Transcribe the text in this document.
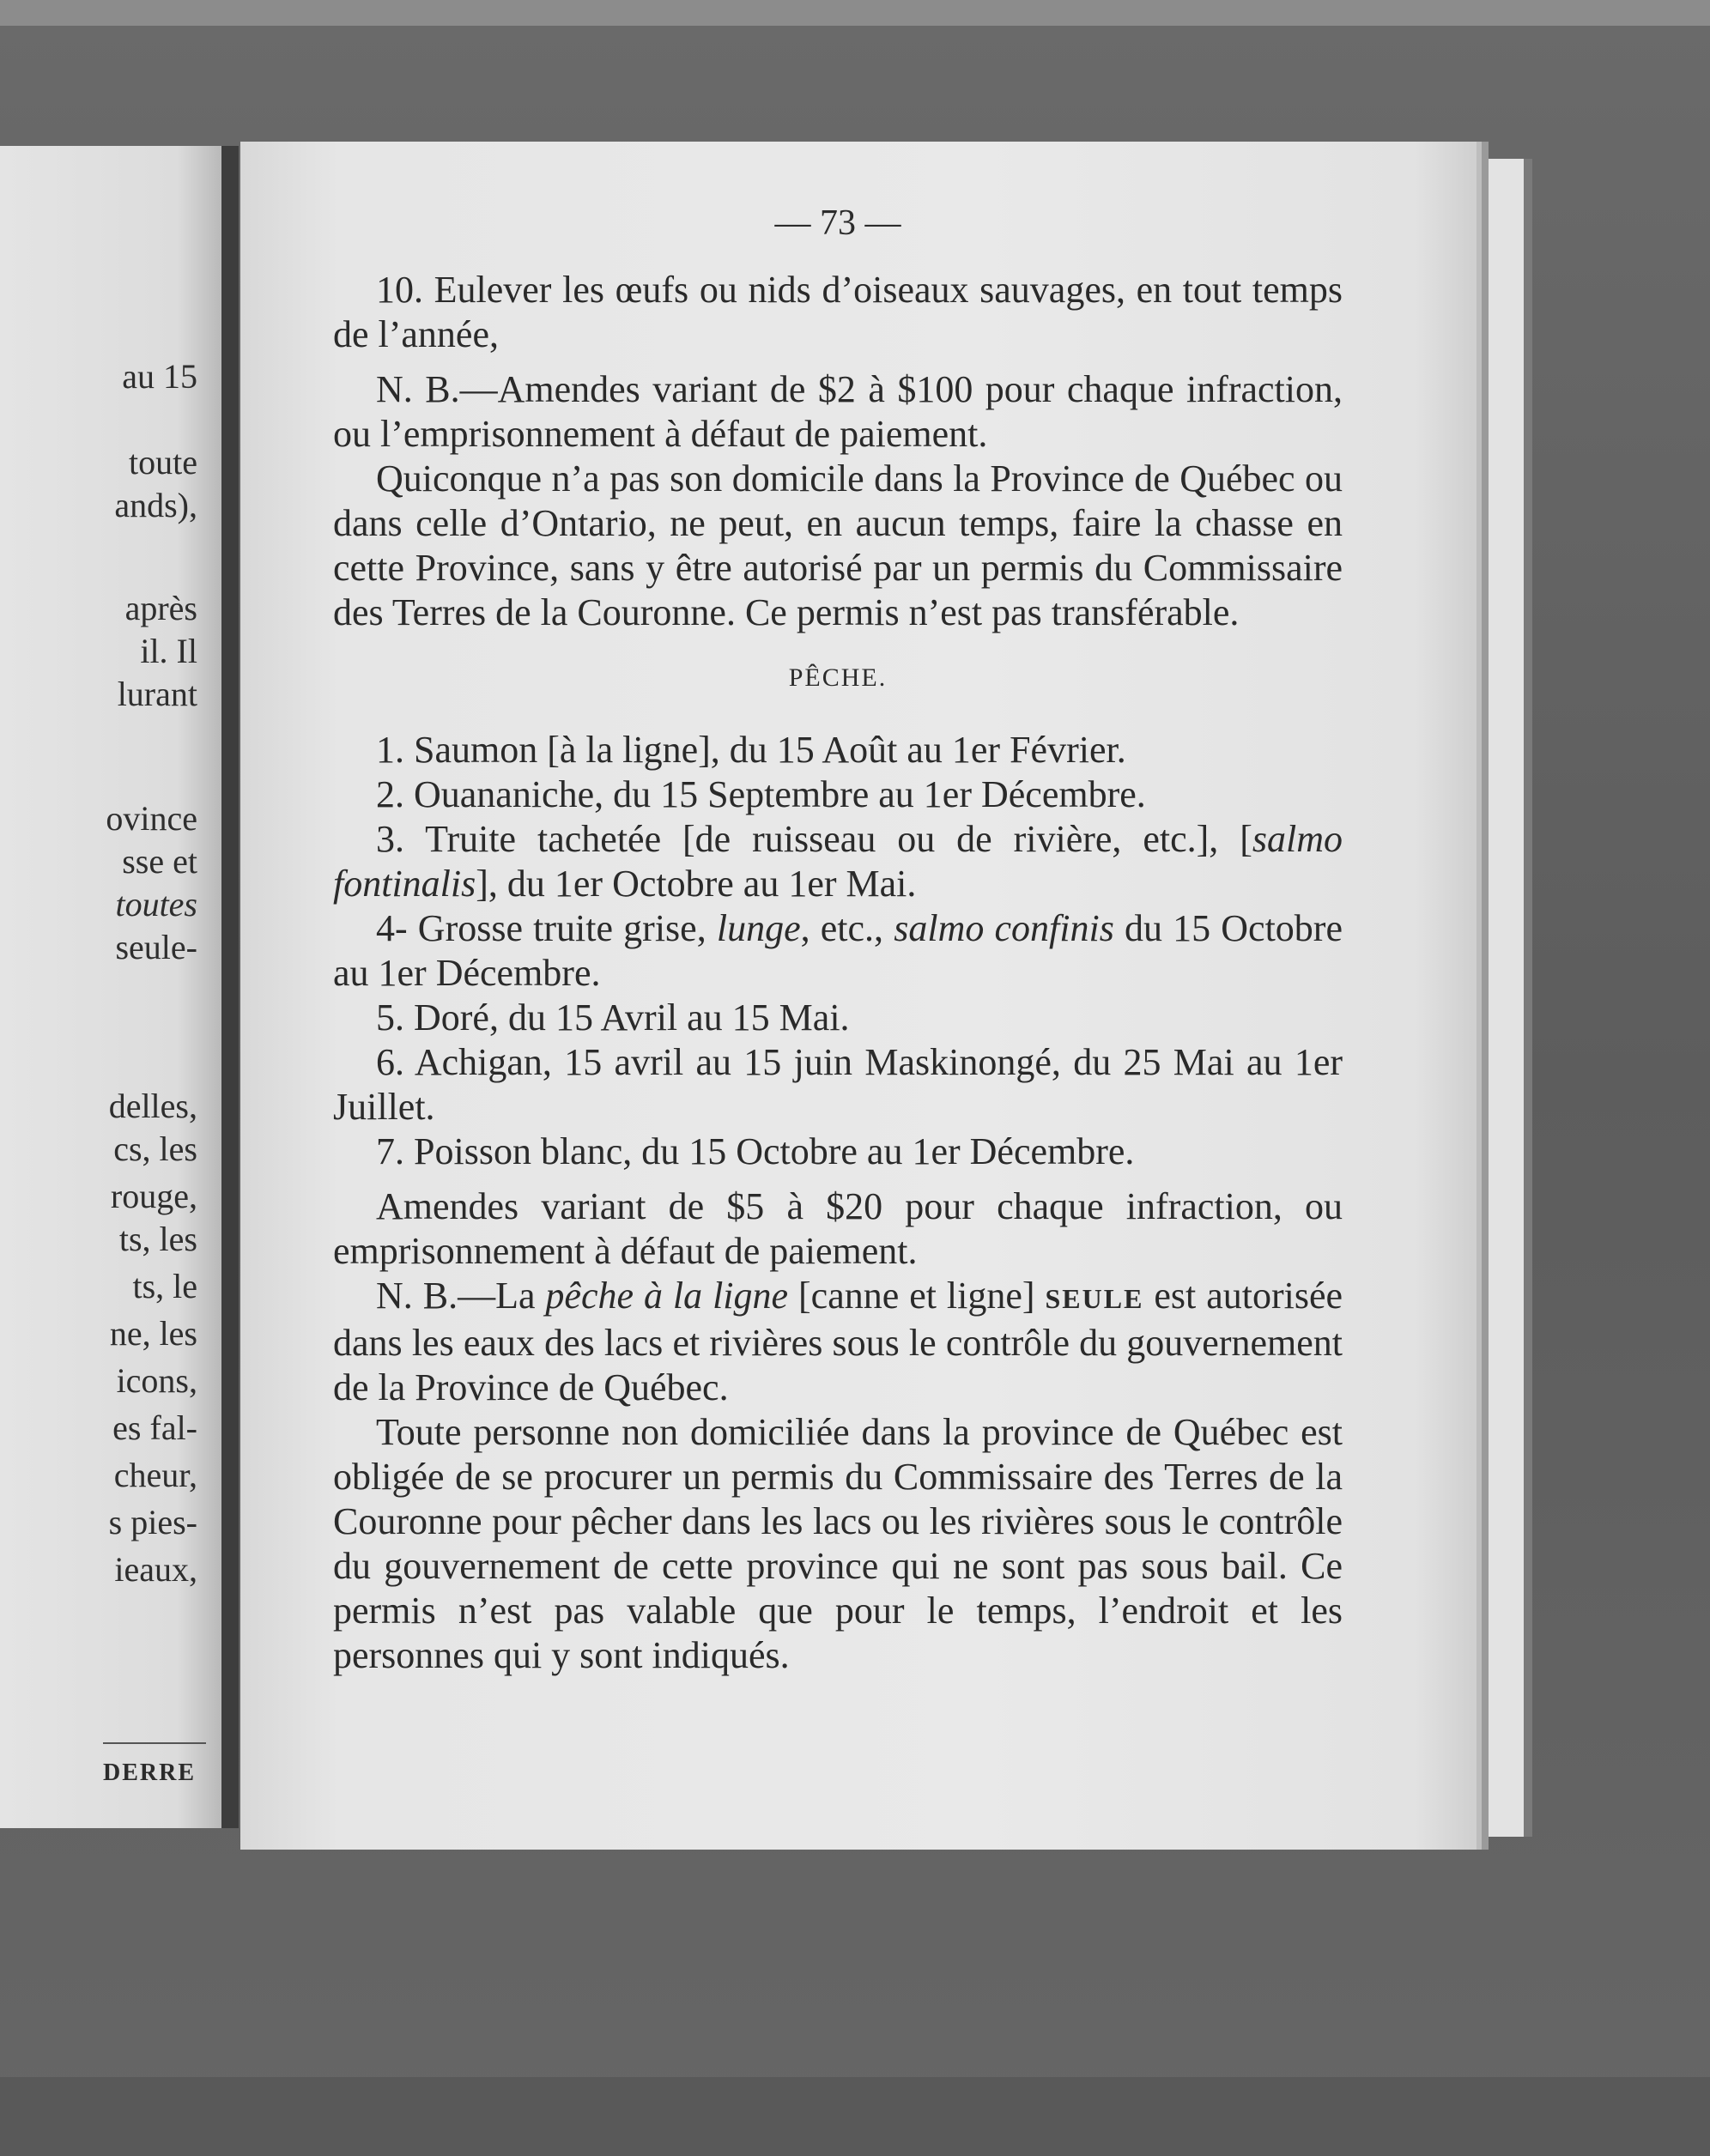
au 15
toute
ands),
après
il. Il
lurant
ovince
sse et
toutes
seule-
delles,
cs, les
rouge,
ts, les
ts, le
ne, les
icons,
es fal-
cheur,
s pies-
ieaux,
DERRE
— 73 —

10. Eulever les œufs ou nids d’oiseaux sauvages, en tout temps de l’année,

N. B.—Amendes variant de $2 à $100 pour chaque infraction, ou l’emprisonnement à défaut de paiement.

Quiconque n’a pas son domicile dans la Province de Québec ou dans celle d’Ontario, ne peut, en aucun temps, faire la chasse en cette Province, sans y être autorisé par un permis du Commissaire des Terres de la Couronne. Ce permis n’est pas transférable.

PÊCHE.

1. Saumon [à la ligne], du 15 Août au 1er Février.

2. Ouananiche, du 15 Septembre au 1er Décembre.

3. Truite tachetée [de ruisseau ou de rivière, etc.], [salmo fontinalis], du 1er Octobre au 1er Mai.

4- Grosse truite grise, lunge, etc., salmo confinis du 15 Octobre au 1er Décembre.

5. Doré, du 15 Avril au 15 Mai.

6. Achigan, 15 avril au 15 juin Maskinongé, du 25 Mai au 1er Juillet.

7. Poisson blanc, du 15 Octobre au 1er Décembre.

Amendes variant de $5 à $20 pour chaque infraction, ou emprisonnement à défaut de paiement.

N. B.—La pêche à la ligne [canne et ligne] SEULE est autorisée dans les eaux des lacs et rivières sous le contrôle du gouvernement de la Province de Québec.

Toute personne non domiciliée dans la province de Québec est obligée de se procurer un permis du Commissaire des Terres de la Couronne pour pêcher dans les lacs ou les rivières sous le contrôle du gouvernement de cette province qui ne sont pas sous bail. Ce permis n’est pas valable que pour le temps, l’endroit et les personnes qui y sont indiqués.
